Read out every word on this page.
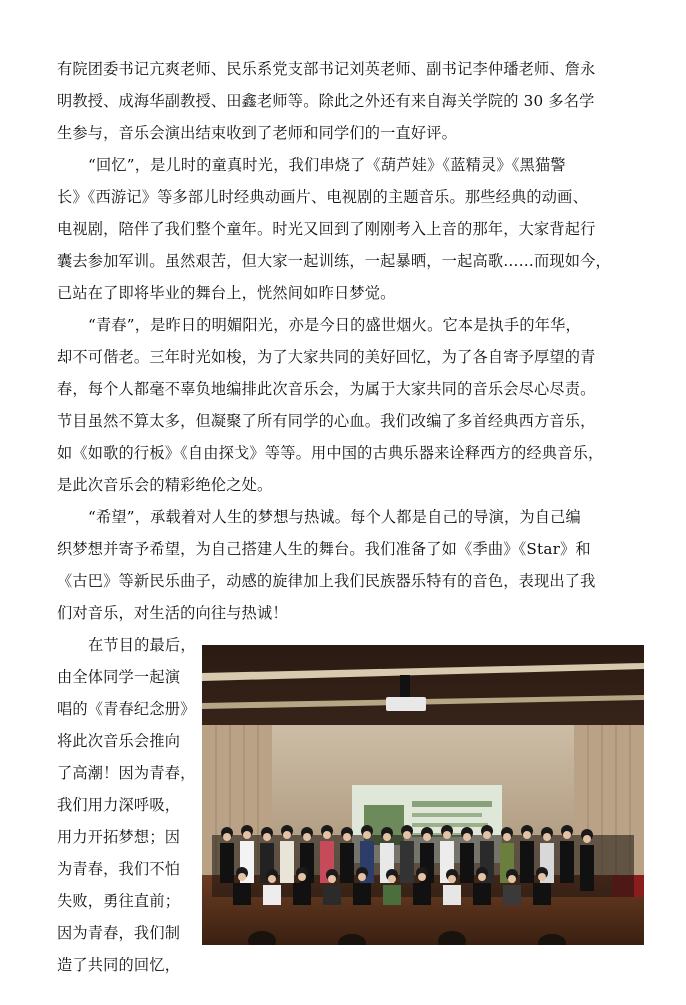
有院团委书记亢爽老师、民乐系党支部书记刘英老师、副书记李仲璠老师、詹永
明教授、成海华副教授、田鑫老师等。除此之外还有来自海关学院的 30 多名学
生参与，音乐会演出结束收到了老师和同学们的一直好评。
“回忆”，是儿时的童真时光，我们串烧了《葫芦娃》《蓝精灵》《黑猫警
长》《西游记》等多部儿时经典动画片、电视剧的主题音乐。那些经典的动画、
电视剧，陪伴了我们整个童年。时光又回到了刚刚考入上音的那年，大家背起行
囊去参加军训。虽然艰苦，但大家一起训练，一起暴晒，一起高歌……而现如今，
已站在了即将毕业的舞台上，恍然间如昨日梦觉。
“青春”，是昨日的明媚阳光，亦是今日的盛世烟火。它本是执手的年华，
却不可偕老。三年时光如梭，为了大家共同的美好回忆，为了各自寄予厚望的青
春，每个人都毫不辜负地编排此次音乐会，为属于大家共同的音乐会尽心尽责。
节目虽然不算太多，但凝聚了所有同学的心血。我们改编了多首经典西方音乐，
如《如歌的行板》《自由探戈》等等。用中国的古典乐器来诠释西方的经典音乐，
是此次音乐会的精彩绝伦之处。
“希望”，承载着对人生的梦想与热诚。每个人都是自己的导演，为自己编
织梦想并寄予希望，为自己搭建人生的舞台。我们准备了如《季曲》《Star》和
《古巴》等新民乐曲子，动感的旋律加上我们民族器乐特有的音色，表现出了我
们对音乐，对生活的向往与热诚！
在节目的最后，
由全体同学一起演
唱的《青春纪念册》
将此次音乐会推向
了高潮！因为青春，
我们用力深呼吸，
用力开拓梦想；因
为青春，我们不怕
失败，勇往直前；
因为青春，我们制
造了共同的回忆，
